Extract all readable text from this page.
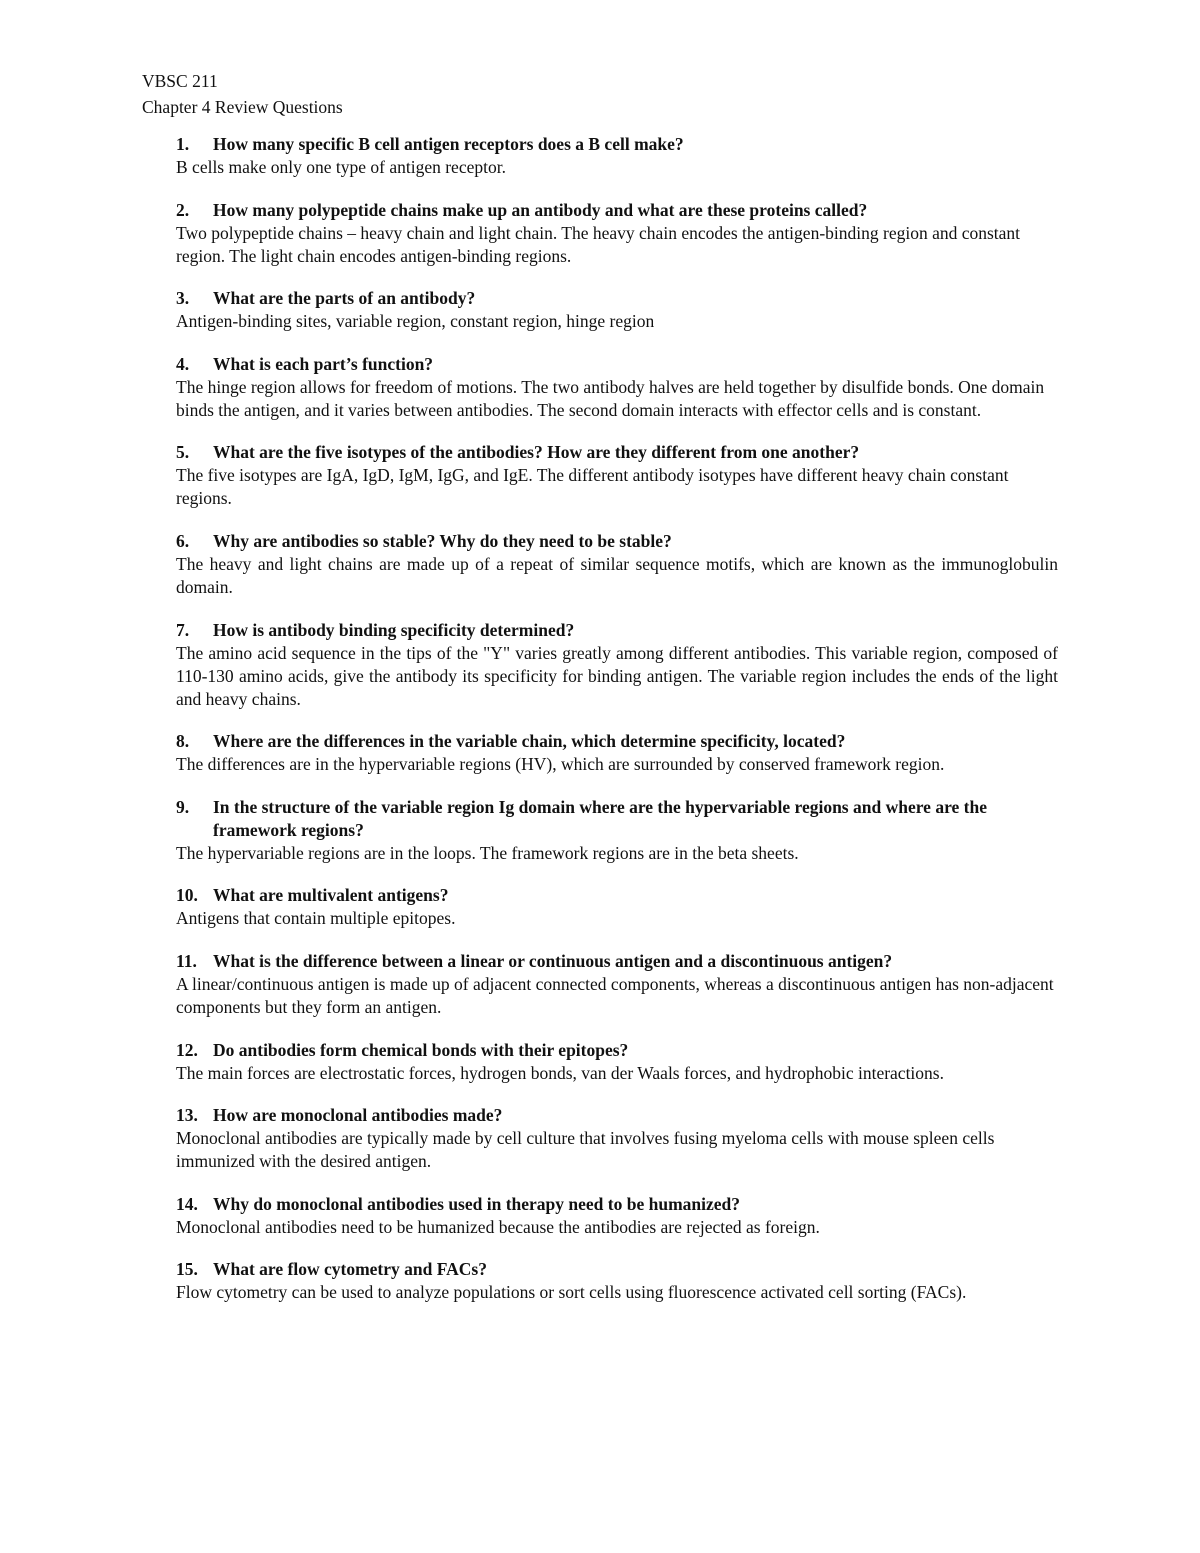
VBSC 211
Chapter 4 Review Questions
1.	How many specific B cell antigen receptors does a B cell make?
B cells make only one type of antigen receptor.
2.	How many polypeptide chains make up an antibody and what are these proteins called?
Two polypeptide chains – heavy chain and light chain. The heavy chain encodes the antigen-binding region and constant region. The light chain encodes antigen-binding regions.
3.	What are the parts of an antibody?
Antigen-binding sites, variable region, constant region, hinge region
4.	What is each part’s function?
The hinge region allows for freedom of motions. The two antibody halves are held together by disulfide bonds. One domain binds the antigen, and it varies between antibodies. The second domain interacts with effector cells and is constant.
5.	What are the five isotypes of the antibodies? How are they different from one another?
The five isotypes are IgA, IgD, IgM, IgG, and IgE. The different antibody isotypes have different heavy chain constant regions.
6.	Why are antibodies so stable? Why do they need to be stable?
The heavy and light chains are made up of a repeat of similar sequence motifs, which are known as the immunoglobulin domain.
7.	How is antibody binding specificity determined?
The amino acid sequence in the tips of the "Y" varies greatly among different antibodies. This variable region, composed of 110-130 amino acids, give the antibody its specificity for binding antigen. The variable region includes the ends of the light and heavy chains.
8.	Where are the differences in the variable chain, which determine specificity, located?
The differences are in the hypervariable regions (HV), which are surrounded by conserved framework region.
9.	In the structure of the variable region Ig domain where are the hypervariable regions and where are the framework regions?
The hypervariable regions are in the loops. The framework regions are in the beta sheets.
10. What are multivalent antigens?
Antigens that contain multiple epitopes.
11. What is the difference between a linear or continuous antigen and a discontinuous antigen?
A linear/continuous antigen is made up of adjacent connected components, whereas a discontinuous antigen has non-adjacent components but they form an antigen.
12. Do antibodies form chemical bonds with their epitopes?
The main forces are electrostatic forces, hydrogen bonds, van der Waals forces, and hydrophobic interactions.
13. How are monoclonal antibodies made?
Monoclonal antibodies are typically made by cell culture that involves fusing myeloma cells with mouse spleen cells immunized with the desired antigen.
14. Why do monoclonal antibodies used in therapy need to be humanized?
Monoclonal antibodies need to be humanized because the antibodies are rejected as foreign.
15. What are flow cytometry and FACs?
Flow cytometry can be used to analyze populations or sort cells using fluorescence activated cell sorting (FACs).
